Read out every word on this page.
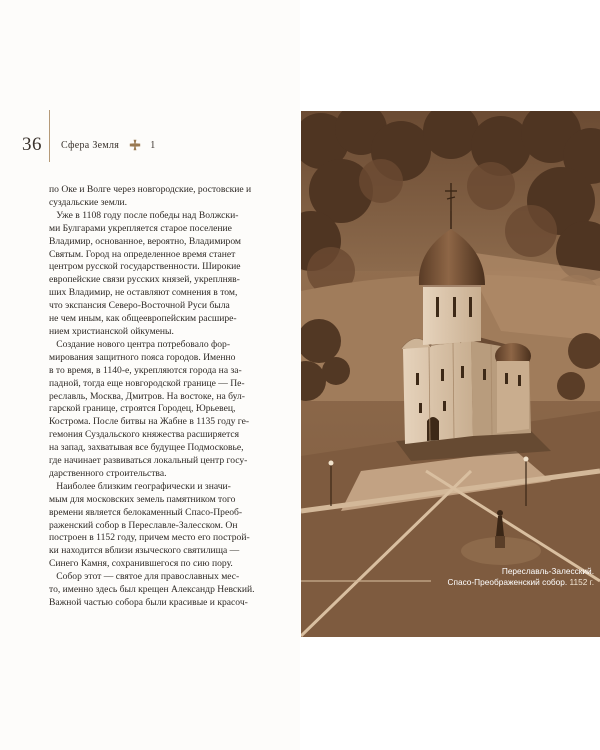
36 Сфера Земля	1
по Оке и Волге через новгородские, ростовские и
суздальские земли.
Уже в 1108 году после победы над Волжски-
ми Булгарами укрепляется старое поселение
Владимир, основанное, вероятно, Владимиром
Святым. Город на определенное время станет
центром русской государственности. Широкие
европейские связи русских князей, укреплняв-
ших Владимир, не оставляют сомнения в том,
что экспансия Северо-Восточной Руси была
не чем иным, как общеевропейским расшире-
нием христианской ойкумены.
Создание нового центра потребовало фор-
мирования защитного пояса городов. Именно
в то время, в 1140-е, укрепляются города на за-
падной, тогда еще новгородской границе — Пе-
реславль, Москва, Дмитров. На востоке, на бул-
гарской границе, строятся Городец, Юрьевец,
Кострома. После битвы на Жабне в 1135 году ге-
гемония Суздальского княжества расширяется
на запад, захватывая все будущее Подмосковье,
где начинает развиваться локальный центр госу-
дарственного строительства.
Наиболее близким географически и значи-
мым для московских земель памятником того
времени является белокаменный Спасо-Преоб-
раженский собор в Переславле-Залесском. Он
построен в 1152 году, причем место его построй-
ки находится вблизи языческого святилища —
Синего Камня, сохранившегося по сию пору.
Собор этот — святое для православных мес-
то, именно здесь был крещен Александр Невский.
Важной частью собора были красивые и красоч-
Переславль-Залесский.
Спасо-Преображенский собор. 1152 г.
